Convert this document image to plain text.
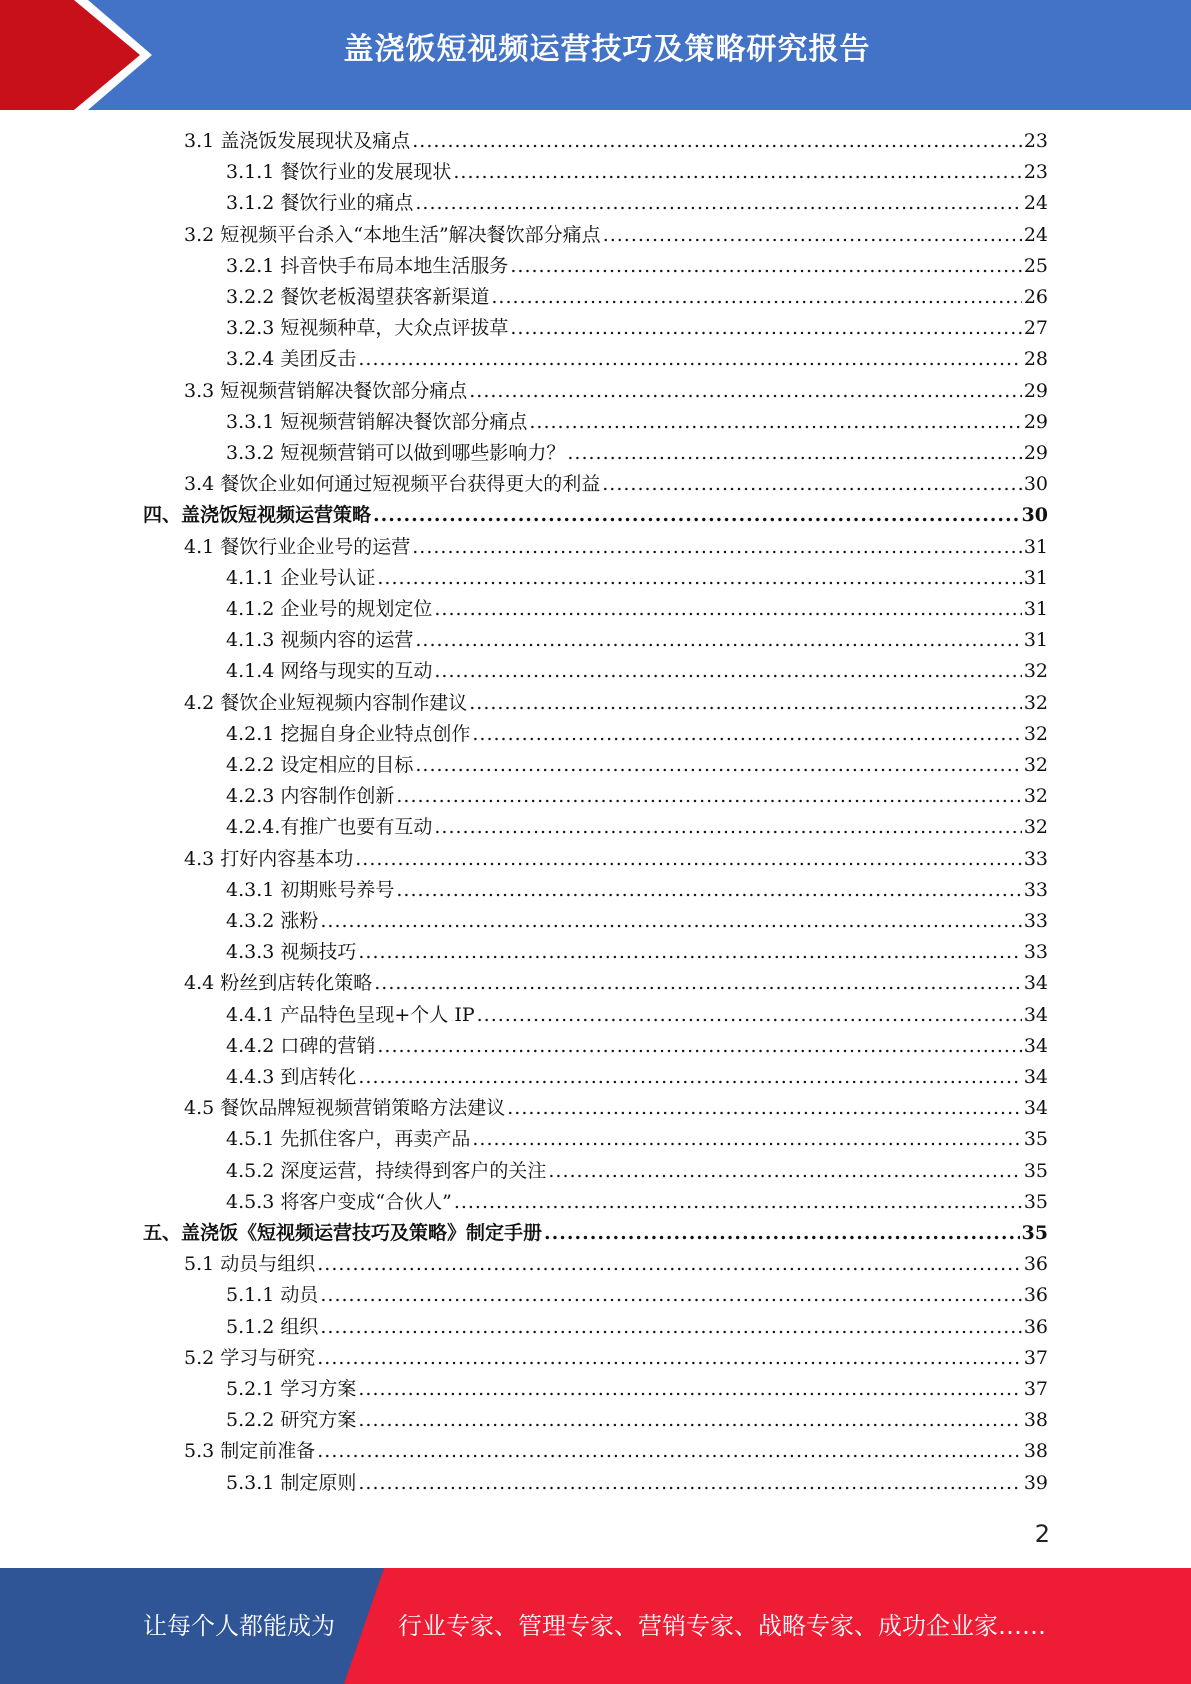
盖浇饭短视频运营技巧及策略研究报告
3.1 盖浇饭发展现状及痛点 .....	23
3.1.1 餐饮行业的发展现状 .....	23
3.1.2 餐饮行业的痛点 .....	24
3.2 短视频平台杀入“本地生活”解决餐饮部分痛点 .....	24
3.2.1 抖音快手布局本地生活服务 .....	25
3.2.2 餐饮老板渴望获客新渠道 .....	26
3.2.3 短视频种草，大众点评拔草 .....	27
3.2.4 美团反击 .....	28
3.3 短视频营销解决餐饮部分痛点 .....	29
3.3.1 短视频营销解决餐饮部分痛点 .....	29
3.3.2 短视频营销可以做到哪些影响力？ .....	29
3.4 餐饮企业如何通过短视频平台获得更大的利益 .....	30
四、盖浇饭短视频运营策略 .....	30
4.1 餐饮行业企业号的运营 .....	31
4.1.1 企业号认证 .....	31
4.1.2 企业号的规划定位 .....	31
4.1.3 视频内容的运营 .....	31
4.1.4 网络与现实的互动 .....	32
4.2 餐饮企业短视频内容制作建议 .....	32
4.2.1 挖掘自身企业特点创作 .....	32
4.2.2 设定相应的目标 .....	32
4.2.3 内容制作创新 .....	32
4.2.4.有推广也要有互动 .....	32
4.3 打好内容基本功 .....	33
4.3.1 初期账号养号 .....	33
4.3.2 涨粉 .....	33
4.3.3 视频技巧 .....	33
4.4 粉丝到店转化策略 .....	34
4.4.1 产品特色呈现+个人 IP .....	34
4.4.2 口碑的营销 .....	34
4.4.3 到店转化 .....	34
4.5 餐饮品牌短视频营销策略方法建议 .....	34
4.5.1 先抓住客户，再卖产品 .....	35
4.5.2 深度运营，持续得到客户的关注 .....	35
4.5.3 将客户变成“合伙人” .....	35
五、盖浇饭《短视频运营技巧及策略》制定手册 .....	35
5.1 动员与组织 .....	36
5.1.1 动员 .....	36
5.1.2 组织 .....	36
5.2 学习与研究 .....	37
5.2.1 学习方案 .....	37
5.2.2 研究方案 .....	38
5.3 制定前准备 .....	38
5.3.1 制定原则 .....	39
2
让每个人都能成为	行业专家、管理专家、营销专家、战略专家、成功企业家……
